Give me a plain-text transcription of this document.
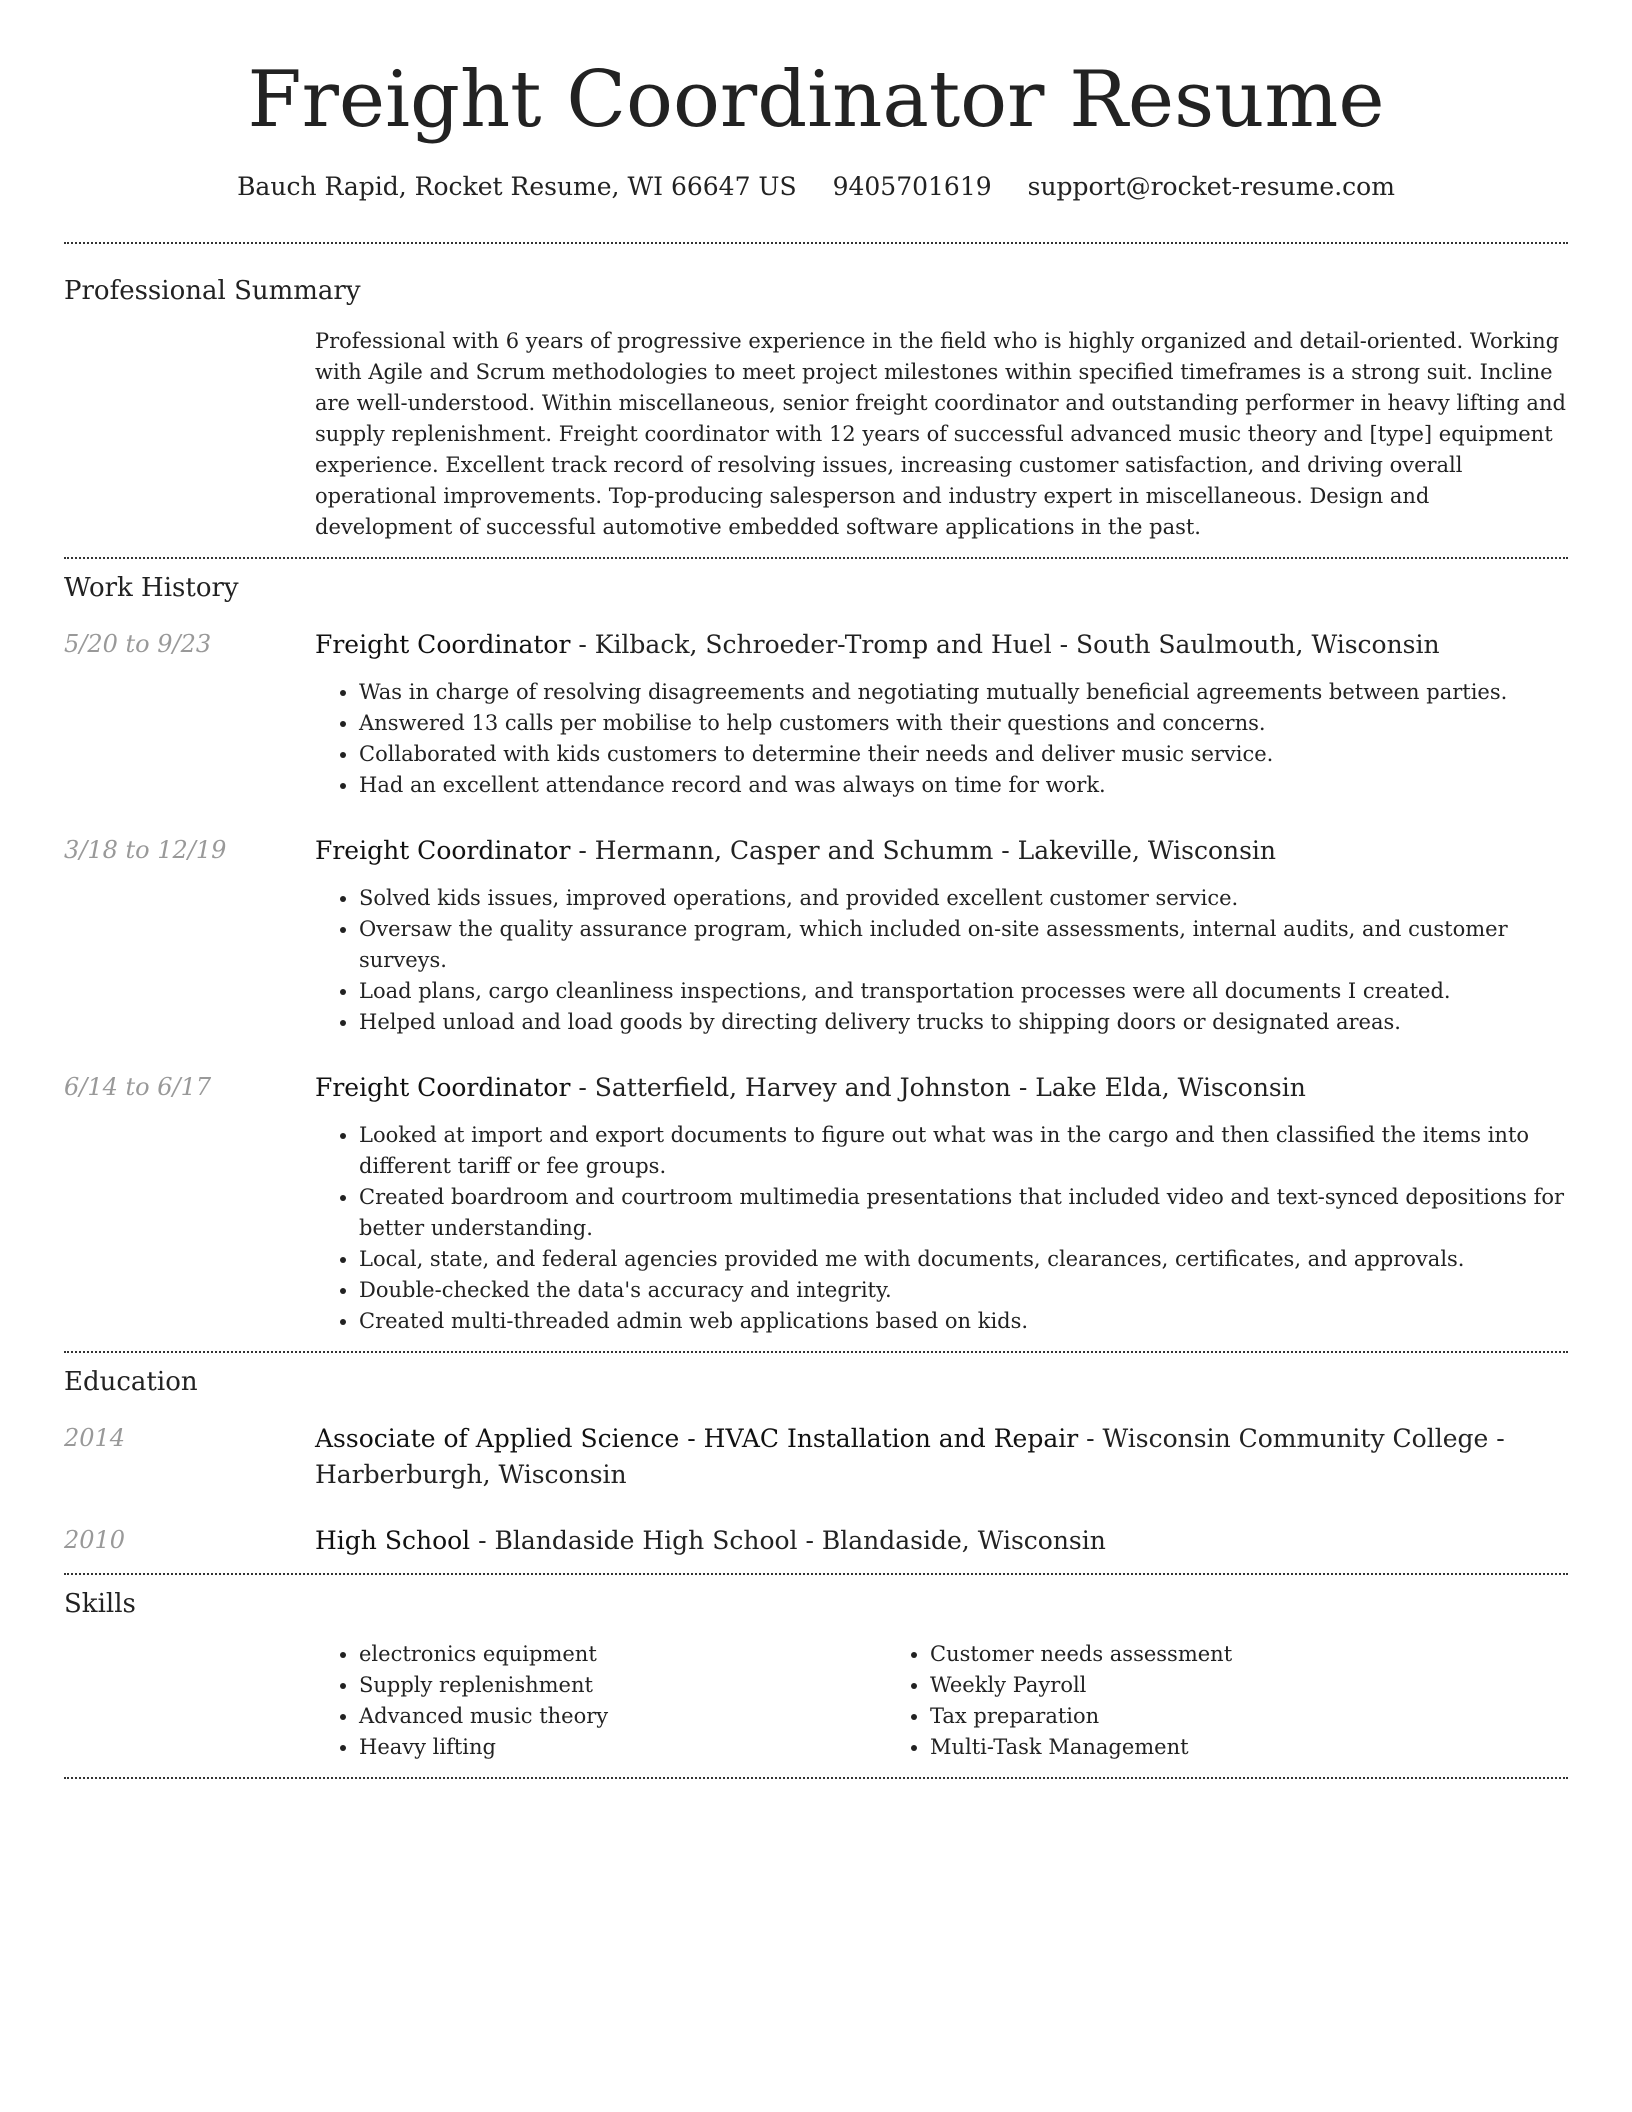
Freight Coordinator Resume
Bauch Rapid, Rocket Resume, WI 66647 US 9405701619 support@rocket-resume.com
Professional Summary
Professional with 6 years of progressive experience in the field who is highly organized and detail-oriented. Working with Agile and Scrum methodologies to meet project milestones within specified timeframes is a strong suit. Incline are well-understood. Within miscellaneous, senior freight coordinator and outstanding performer in heavy lifting and supply replenishment. Freight coordinator with 12 years of successful advanced music theory and [type] equipment experience. Excellent track record of resolving issues, increasing customer satisfaction, and driving overall operational improvements. Top-producing salesperson and industry expert in miscellaneous. Design and development of successful automotive embedded software applications in the past.
Work History
5/20 to 9/23	Freight Coordinator - Kilback, Schroeder-Tromp and Huel - South Saulmouth, Wisconsin
• Was in charge of resolving disagreements and negotiating mutually beneficial agreements between parties.
• Answered 13 calls per mobilise to help customers with their questions and concerns.
• Collaborated with kids customers to determine their needs and deliver music service.
• Had an excellent attendance record and was always on time for work.
3/18 to 12/19	Freight Coordinator - Hermann, Casper and Schumm - Lakeville, Wisconsin
• Solved kids issues, improved operations, and provided excellent customer service.
• Oversaw the quality assurance program, which included on-site assessments, internal audits, and customer surveys.
• Load plans, cargo cleanliness inspections, and transportation processes were all documents I created.
• Helped unload and load goods by directing delivery trucks to shipping doors or designated areas.
6/14 to 6/17	Freight Coordinator - Satterfield, Harvey and Johnston - Lake Elda, Wisconsin
• Looked at import and export documents to figure out what was in the cargo and then classified the items into different tariff or fee groups.
• Created boardroom and courtroom multimedia presentations that included video and text-synced depositions for better understanding.
• Local, state, and federal agencies provided me with documents, clearances, certificates, and approvals.
• Double-checked the data's accuracy and integrity.
• Created multi-threaded admin web applications based on kids.
Education
2014	Associate of Applied Science - HVAC Installation and Repair - Wisconsin Community College - Harberburgh, Wisconsin
2010	High School - Blandaside High School - Blandaside, Wisconsin
Skills
• electronics equipment
• Supply replenishment
• Advanced music theory
• Heavy lifting
• Customer needs assessment
• Weekly Payroll
• Tax preparation
• Multi-Task Management
